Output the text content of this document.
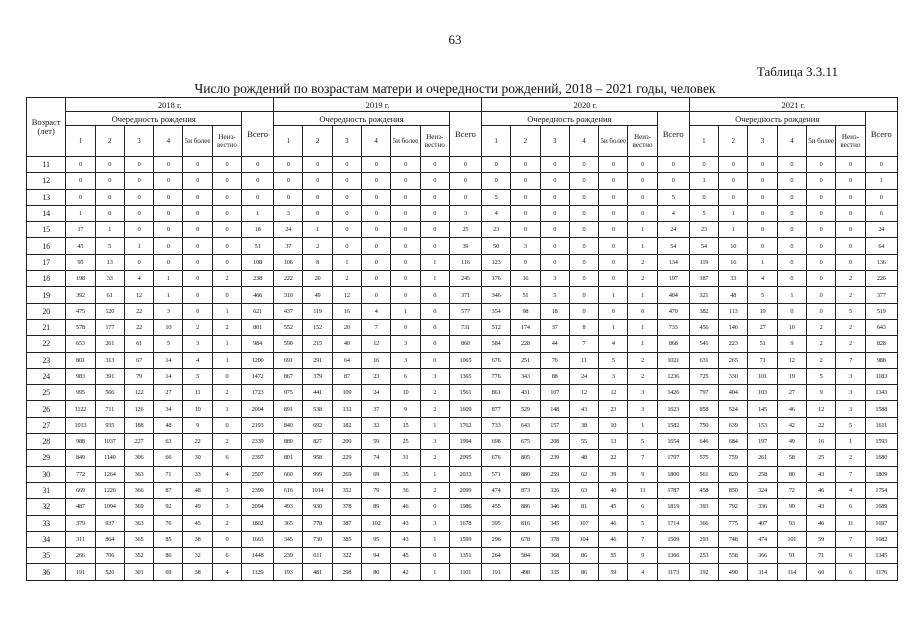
63
Таблица 3.3.11
Число рождений по возрастам матери и очередности рождений, 2018 – 2021 годы, человек
Возраст (лет)	2018 г.							2019 г.							2020 г.							2021 г.						
	Очередность рождения						Всего	Очередность рождения						Всего	Очередность рождения						Всего	Очередность рождения						Всего
	1	2	3	4	5и более	Неиз-вестно		1	2	3	4	5и более	Неиз-вестно		1	2	3	4	5и более	Неиз-вестно		1	2	3	4	5и более	Неиз-вестно	
11	0	0	0	0	0	0	0	0	0	0	0	0	0	0	0	0	0	0	0	0	0	0	0	0	0	0	0	0
12	0	0	0	0	0	0	0	0	0	0	0	0	0	0	0	0	0	0	0	0	0	1	0	0	0	0	0	1
13	0	0	0	0	0	0	0	0	0	0	0	0	0	0	5	0	0	0	0	0	5	0	0	0	0	0	0	0
14	1	0	0	0	0	0	1	3	0	0	0	0	0	3	4	0	0	0	0	0	4	5	1	0	0	0	0	6
15	17	1	0	0	0	0	18	24	1	0	0	0	0	25	23	0	0	0	0	1	24	23	1	0	0	0	0	24
16	45	5	1	0	0	0	51	37	2	0	0	0	0	39	50	3	0	0	0	1	54	54	10	0	0	0	0	64
17	95	13	0	0	0	0	108	106	8	1	0	0	1	116	123	9	0	0	0	2	134	119	16	1	0	0	0	136
18	198	33	4	1	0	2	238	222	20	2	0	0	1	245	176	16	3	0	0	2	197	187	33	4	0	0	2	226
19	392	61	12	1	0	0	466	310	49	12	0	0	0	371	346	51	5	0	1	1	404	321	48	5	1	0	2	377
20	475	120	22	3	0	1	621	437	119	16	4	1	0	577	354	98	18	0	0	0	470	382	113	19	0	0	5	519
21	578	177	22	10	2	2	801	552	152	20	7	0	0	731	512	174	37	8	1	1	733	456	146	27	10	2	2	643
22	653	261	61	5	3	1	984	590	215	40	12	3	0	860	584	228	44	7	4	1	868	541	223	51	9	2	2	828
23	801	313	67	14	4	1	1200	691	291	64	16	3	0	1065	676	251	76	11	5	2	1021	631	265	71	12	2	7	988
24	983	391	79	14	5	0	1472	867	379	87	23	6	3	1365	776	343	88	24	3	2	1236	725	330	101	19	5	3	1183
25	995	566	122	27	11	2	1723	975	441	109	24	10	2	1561	861	431	107	12	12	3	1426	797	404	103	27	9	3	1343
26	1122	711	126	34	10	1	2004	891	538	132	37	9	2	1609	877	529	148	43	23	3	1623	858	524	145	46	12	3	1588
27	1013	935	188	48	9	0	2193	840	692	182	32	15	1	1762	733	643	157	38	10	1	1582	750	639	153	42	22	5	1611
28	988	1037	227	63	22	2	2339	880	827	200	59	25	3	1994	698	675	208	55	13	5	1654	646	684	197	49	16	1	1593
29	849	1140	306	66	30	6	2397	801	958	229	74	31	2	2095	676	805	239	48	22	7	1797	575	759	261	58	25	2	1680
30	772	1264	363	71	33	4	2507	660	999	269	69	35	1	2033	571	880	259	62	39	9	1800	561	820	258	80	43	7	1809
31	669	1226	366	87	48	3	2399	616	1014	352	79	36	2	2099	474	873	326	63	40	11	1787	458	850	324	72	46	4	1754
32	487	1094	369	92	49	3	2094	493	930	378	89	46	0	1986	455	886	346	81	45	6	1819	393	792	336	99	43	6	1689
33	379	937	363	76	45	2	1802	365	778	387	102	43	3	1678	395	816	345	107	46	5	1714	366	775	407	93	46	11	1697
34	311	864	365	85	38	0	1663	345	730	385	95	43	1	1599	296	678	378	104	46	7	1509	293	748	474	101	59	7	1682
35	266	706	352	86	32	6	1448	239	611	322	94	45	0	1351	264	584	368	86	55	9	1366	253	558	366	91	71	6	1345
36	191	526	301	69	38	4	1129	193	481	298	80	42	1	1101	191	498	335	86	59	4	1173	192	490	314	114	60	6	1176
